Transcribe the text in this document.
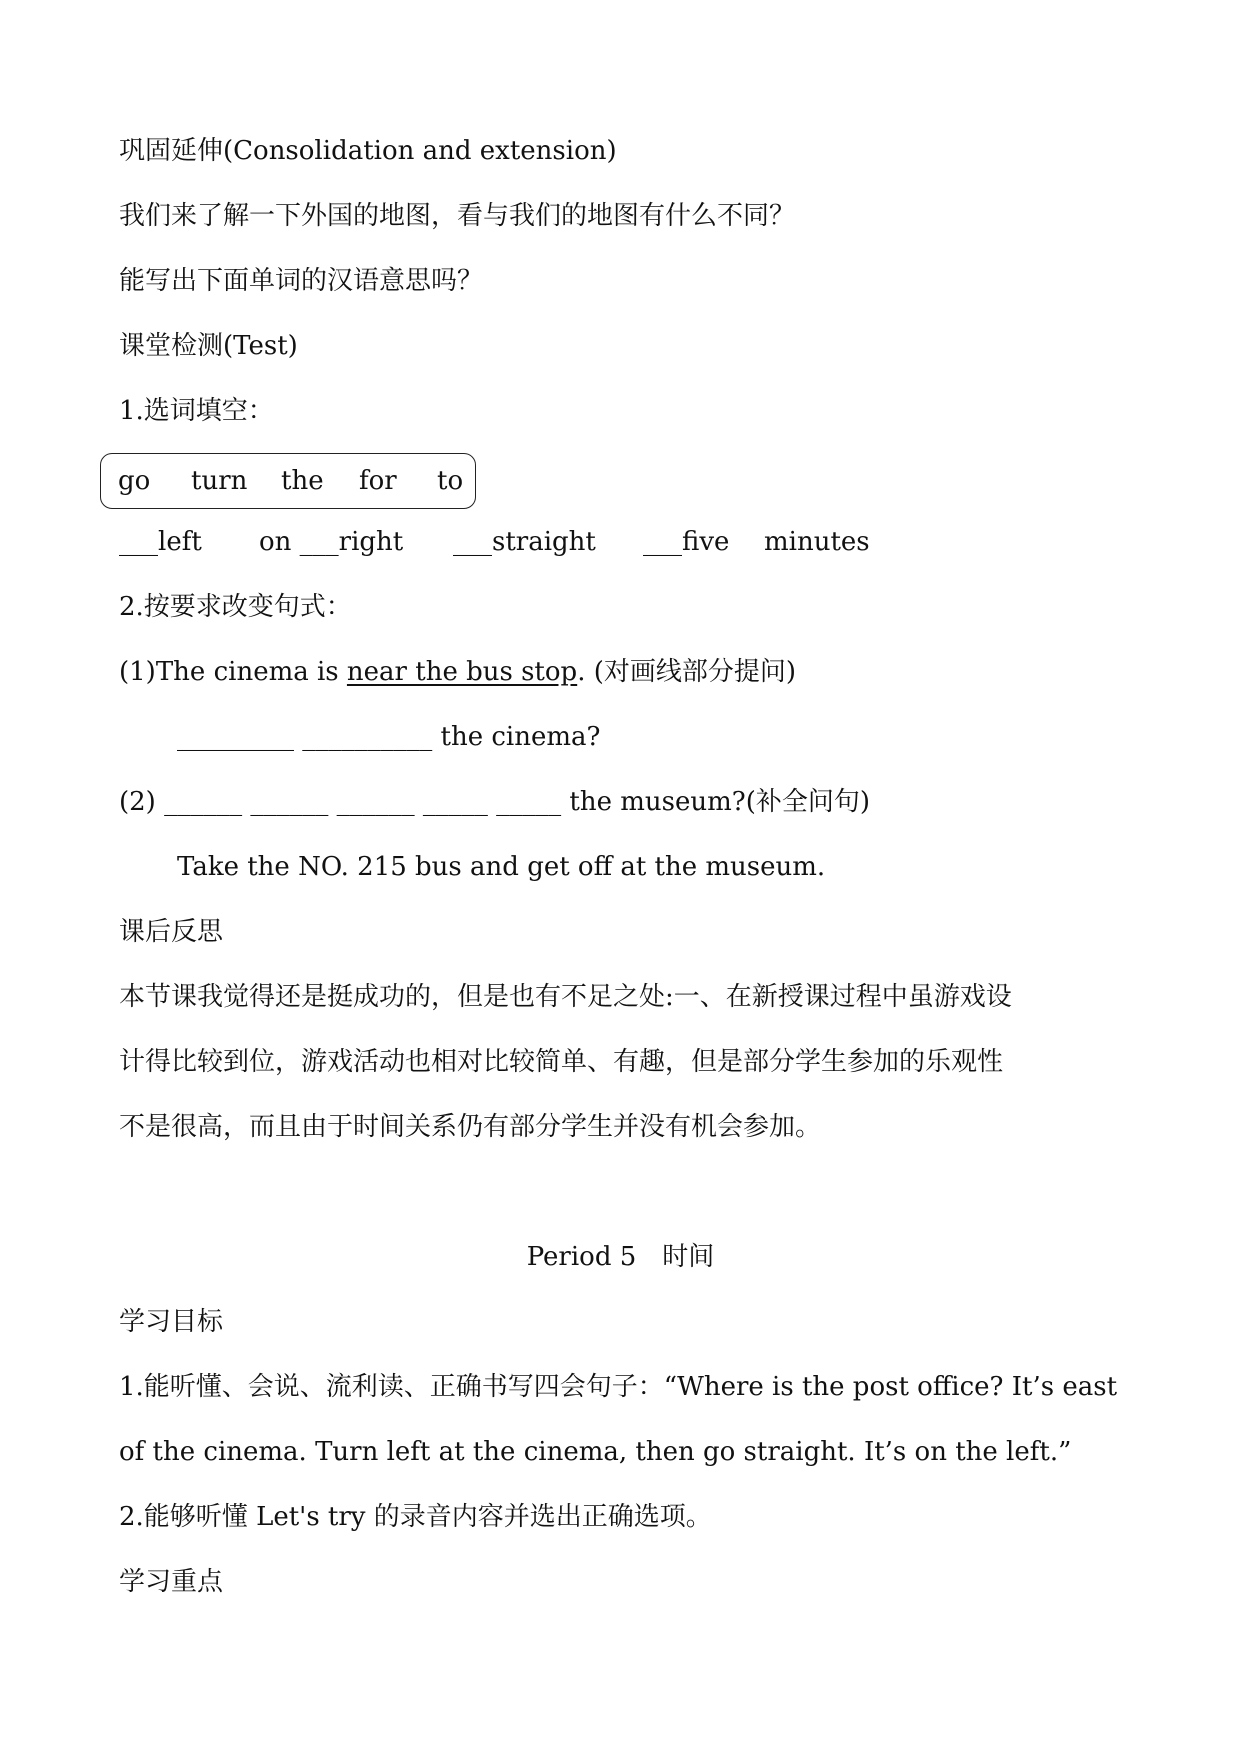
巩固延伸(Consolidation and extension)
我们来了解一下外国的地图，看与我们的地图有什么不同？
能写出下面单词的汉语意思吗？
课堂检测(Test)
1.选词填空：
go turn the for to
___left on ___right ___straight ___five minutes
2.按要求改变句式：
(1)The cinema is near the bus stop. (对画线部分提问)
_________ __________ the cinema?
(2) ______ ______ ______ _____ _____ the museum?(补全问句)
Take the NO. 215 bus and get off at the museum.
课后反思
本节课我觉得还是挺成功的，但是也有不足之处:一、在新授课过程中虽游戏设
计得比较到位，游戏活动也相对比较简单、有趣，但是部分学生参加的乐观性
不是很高，而且由于时间关系仍有部分学生并没有机会参加。
Period 5　时间
学习目标
1.能听懂、会说、流利读、正确书写四会句子：“Where is the post office? It’s east
of the cinema. Turn left at the cinema, then go straight. It’s on the left.”
2.能够听懂 Let's try 的录音内容并选出正确选项。
学习重点
